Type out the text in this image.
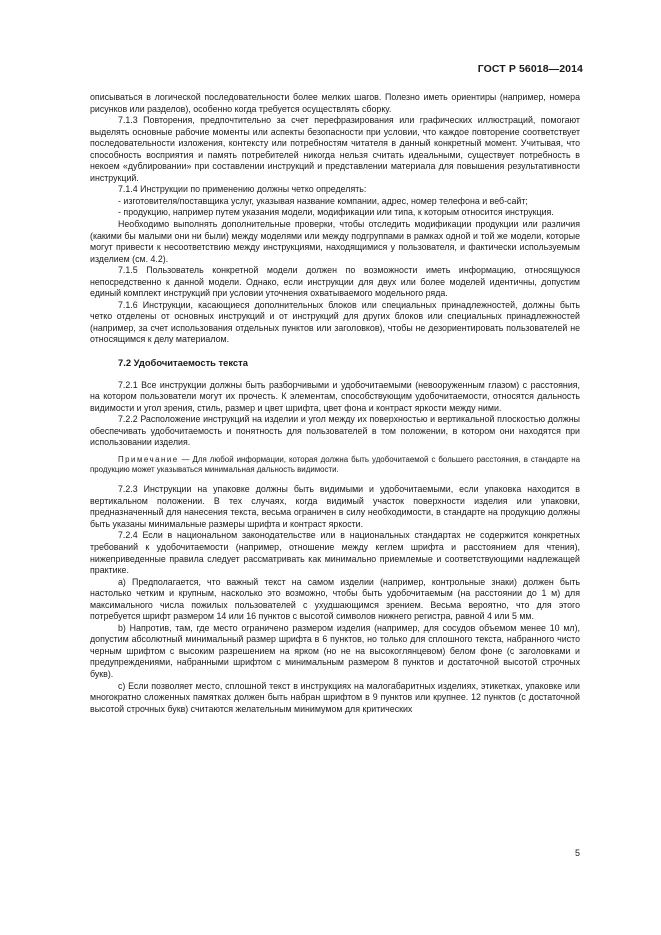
ГОСТ Р 56018—2014

описываться в логической последовательности более мелких шагов. Полезно иметь ориентиры (например, номера рисунков или разделов), особенно когда требуется осуществлять сборку.

7.1.3 Повторения, предпочтительно за счет перефразирования или графических иллюстраций, помогают выделять основные рабочие моменты или аспекты безопасности при условии, что каждое повторение соответствует последовательности изложения, контексту или потребностям читателя в данный конкретный момент. Учитывая, что способность восприятия и память потребителей никогда нельзя считать идеальными, существует потребность в некоем «дублировании» при составлении инструкций и представлении материала для повышения результативности инструкций.

7.1.4 Инструкции по применению должны четко определять:

- изготовителя/поставщика услуг, указывая название компании, адрес, номер телефона и веб-сайт;

- продукцию, например путем указания модели, модификации или типа, к которым относится инструкция.

Необходимо выполнять дополнительные проверки, чтобы отследить модификации продукции или различия (какими бы малыми они ни были) между моделями или между подгруппами в рамках одной и той же модели, которые могут привести к несоответствию между инструкциями, находящимися у пользователя, и фактически используемым изделием (см. 4.2).

7.1.5 Пользователь конкретной модели должен по возможности иметь информацию, относящуюся непосредственно к данной модели. Однако, если инструкции для двух или более моделей идентичны, допустим единый комплект инструкций при условии уточнения охватываемого модельного ряда.

7.1.6 Инструкции, касающиеся дополнительных блоков или специальных принадлежностей, должны быть четко отделены от основных инструкций и от инструкций для других блоков или специальных принадлежностей (например, за счет использования отдельных пунктов или заголовков), чтобы не дезориентировать пользователей не относящимся к делу материалом.

7.2 Удобочитаемость текста

7.2.1 Все инструкции должны быть разборчивыми и удобочитаемыми (невооруженным глазом) с расстояния, на котором пользователи могут их прочесть. К элементам, способствующим удобочитаемости, относятся дальность видимости и угол зрения, стиль, размер и цвет шрифта, цвет фона и контраст яркости между ними.

7.2.2 Расположение инструкций на изделии и угол между их поверхностью и вертикальной плоскостью должны обеспечивать удобочитаемость и понятность для пользователей в том положении, в котором они находятся при использовании изделия.

Примечание — Для любой информации, которая должна быть удобочитаемой с большего расстояния, в стандарте на продукцию может указываться минимальная дальность видимости.

7.2.3 Инструкции на упаковке должны быть видимыми и удобочитаемыми, если упаковка находится в вертикальном положении. В тех случаях, когда видимый участок поверхности изделия или упаковки, предназначенный для нанесения текста, весьма ограничен в силу необходимости, в стандарте на продукцию должны быть указаны минимальные размеры шрифта и контраст яркости.

7.2.4 Если в национальном законодательстве или в национальных стандартах не содержится конкретных требований к удобочитаемости (например, отношение между кеглем шрифта и расстоянием для чтения), нижеприведенные правила следует рассматривать как минимально приемлемые и соответствующими надлежащей практике.

а) Предполагается, что важный текст на самом изделии (например, контрольные знаки) должен быть настолько четким и крупным, насколько это возможно, чтобы быть удобочитаемым (на расстоянии до 1 м) для максимального числа пожилых пользователей с ухудшающимся зрением. Весьма вероятно, что для этого потребуется шрифт размером 14 или 16 пунктов с высотой символов нижнего регистра, равной 4 или 5 мм.

b) Напротив, там, где место ограничено размером изделия (например, для сосудов объемом менее 10 мл), допустим абсолютный минимальный размер шрифта в 6 пунктов, но только для сплошного текста, набранного чисто черным шрифтом с высоким разрешением на ярком (но не на высокоглянцевом) белом фоне (с заголовками и предупреждениями, набранными шрифтом с минимальным размером 8 пунктов и достаточной высотой строчных букв).

c) Если позволяет место, сплошной текст в инструкциях на малогабаритных изделиях, этикетках, упаковке или многократно сложенных памятках должен быть набран шрифтом в 9 пунктов или крупнее. 12 пунктов (с достаточной высотой строчных букв) считаются желательным минимумом для критических

5
